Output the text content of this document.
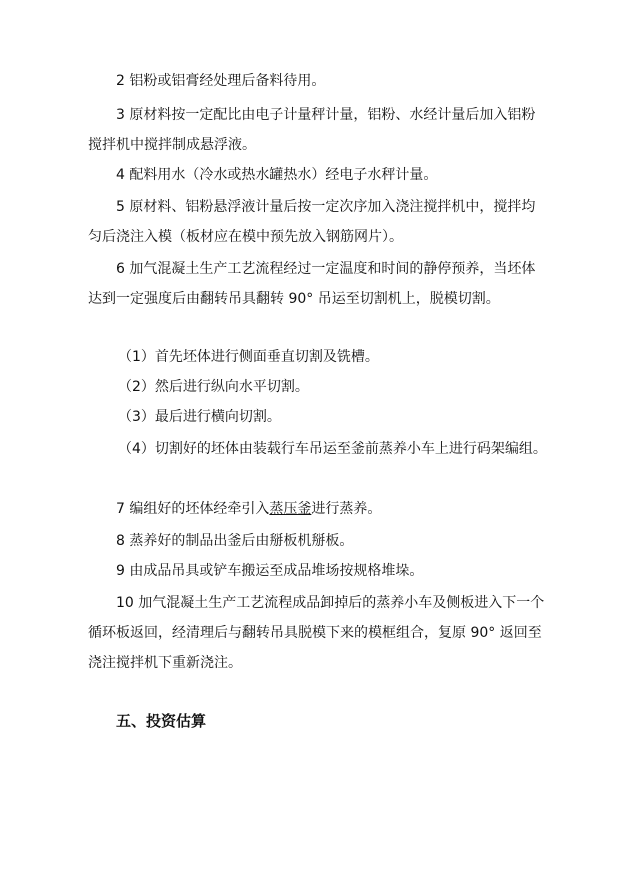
2 铝粉或铝膏经处理后备料待用。

3 原材料按一定配比由电子计量秤计量，铝粉、水经计量后加入铝粉搅拌机中搅拌制成悬浮液。

4 配料用水（冷水或热水罐热水）经电子水秤计量。

5 原材料、铝粉悬浮液计量后按一定次序加入浇注搅拌机中，搅拌均匀后浇注入模（板材应在模中预先放入钢筋网片）。

6 加气混凝土生产工艺流程经过一定温度和时间的静停预养，当坯体达到一定强度后由翻转吊具翻转 90° 吊运至切割机上，脱模切割。

（1）首先坯体进行侧面垂直切割及铣槽。

（2）然后进行纵向水平切割。

（3）最后进行横向切割。

（4）切割好的坯体由装载行车吊运至釜前蒸养小车上进行码架编组。

7 编组好的坯体经牵引入蒸压釜进行蒸养。

8 蒸养好的制品出釜后由掰板机掰板。

9 由成品吊具或铲车搬运至成品堆场按规格堆垛。

10 加气混凝土生产工艺流程成品卸掉后的蒸养小车及侧板进入下一个循环板返回，经清理后与翻转吊具脱模下来的模框组合，复原 90° 返回至浇注搅拌机下重新浇注。

五、投资估算
